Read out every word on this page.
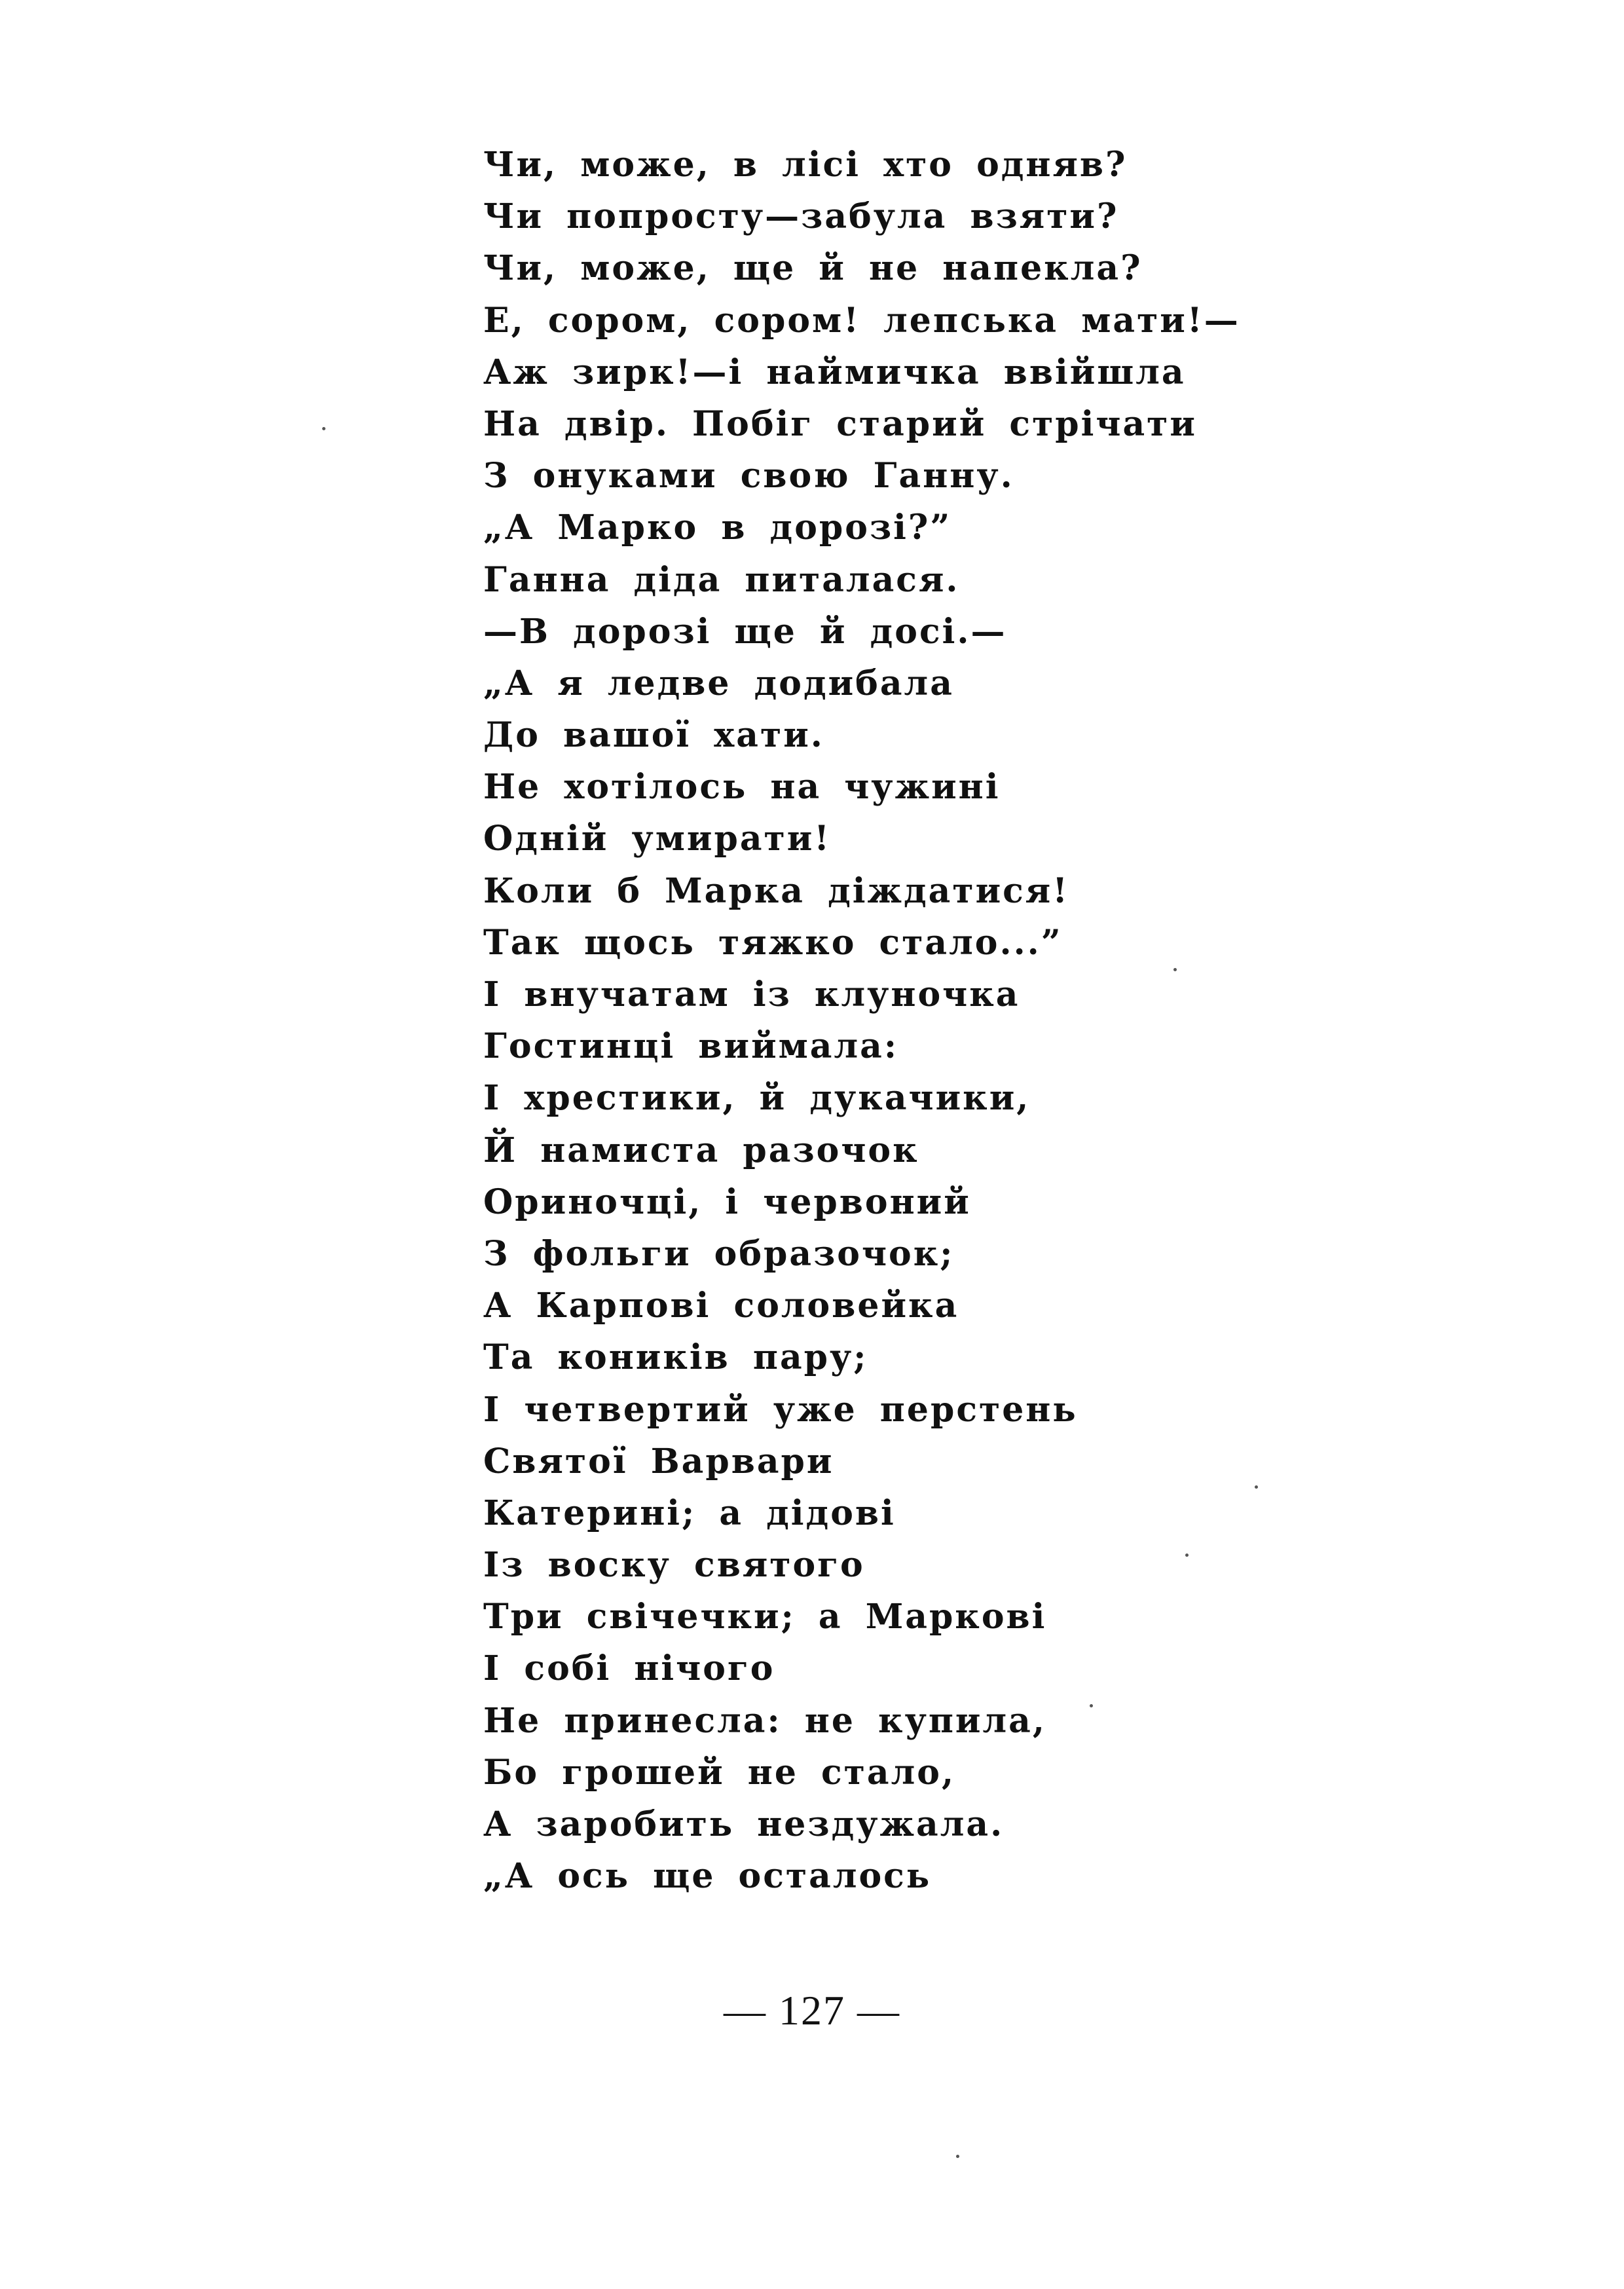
Чи, може, в лісі хто одняв?
Чи попросту—забула взяти?
Чи, може, ще й не напекла?
Е, сором, сором! лепська мати!—
Аж зирк!—і наймичка ввійшла
На двір. Побіг старий стрічати
З онуками свою Ганну.
„А Марко в дорозі?”
Ганна діда питалася.
—В дорозі ще й досі.—
„А я ледве додибала
До вашої хати.
Не хотілось на чужині
Одній умирати!
Коли б Марка діждатися!
Так щось тяжко стало...”
І внучатам із клуночка
Гостинці виймала:
І хрестики, й дукачики,
Й намиста разочок
Ориночці, і червоний
З фольги образочок;
А Карпові соловейка
Та коників пару;
І четвертий уже перстень
Святої Варвари
Катерині; а дідові
Із воску святого
Три свічечки; а Маркові
І собі нічого
Не принесла: не купила,
Бо грошей не стало,
А заробить нездужала.
„А ось ще осталось
— 127 —
